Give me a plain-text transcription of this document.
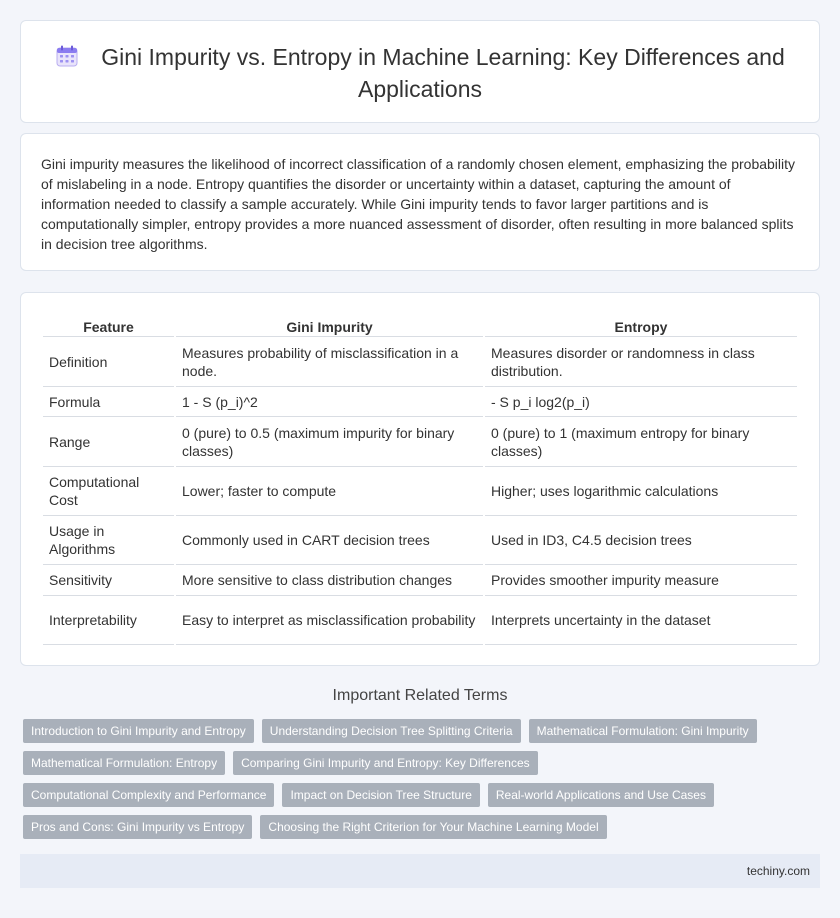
Gini Impurity vs. Entropy in Machine Learning: Key Differences and Applications

Gini impurity measures the likelihood of incorrect classification of a randomly chosen element, emphasizing the probability of mislabeling in a node. Entropy quantifies the disorder or uncertainty within a dataset, capturing the amount of information needed to classify a sample accurately. While Gini impurity tends to favor larger partitions and is computationally simpler, entropy provides a more nuanced assessment of disorder, often resulting in more balanced splits in decision tree algorithms.

Feature	Gini Impurity	Entropy
Definition	Measures probability of misclassification in a node.	Measures disorder or randomness in class distribution.
Formula	1 - S (p_i)^2	- S p_i log2(p_i)
Range	0 (pure) to 0.5 (maximum impurity for binary classes)	0 (pure) to 1 (maximum entropy for binary classes)
Computational Cost	Lower; faster to compute	Higher; uses logarithmic calculations
Usage in Algorithms	Commonly used in CART decision trees	Used in ID3, C4.5 decision trees
Sensitivity	More sensitive to class distribution changes	Provides smoother impurity measure
Interpretability	Easy to interpret as misclassification probability	Interprets uncertainty in the dataset
Important Related Terms
Introduction to Gini Impurity and Entropy	Understanding Decision Tree Splitting Criteria	Mathematical Formulation: Gini Impurity
Mathematical Formulation: Entropy	Comparing Gini Impurity and Entropy: Key Differences
Computational Complexity and Performance	Impact on Decision Tree Structure	Real-world Applications and Use Cases
Pros and Cons: Gini Impurity vs Entropy	Choosing the Right Criterion for Your Machine Learning Model
techiny.com
